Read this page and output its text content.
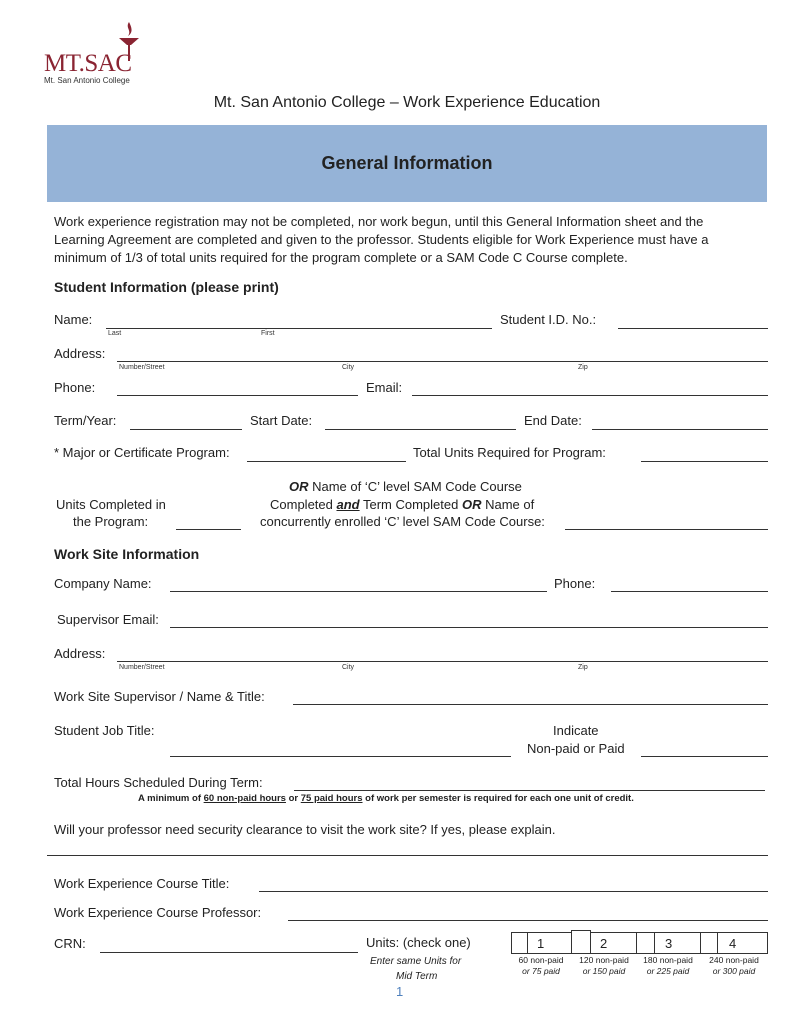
MT.SAC
Mt. San Antonio College
Mt. San Antonio College – Work Experience Education
General Information
Work experience registration may not be completed, nor work begun, until this General Information sheet and the
Learning Agreement are completed and given to the professor. Students eligible for Work Experience must have a
minimum of 1/3 of total units required for the program complete or a SAM Code C Course complete.
Student Information (please print)
Name:
Last	First
Student I.D. No.:
Address:
Number/Street	City	Zip
Phone:	Email:
Term/Year:	Start Date:	End Date:
* Major or Certificate Program:	Total Units Required for Program:
Units Completed in
the Program:
OR Name of ‘C’ level SAM Code Course
Completed and Term Completed OR Name of
concurrently enrolled ‘C’ level SAM Code Course:
Work Site Information
Company Name:	Phone:
Supervisor Email:
Address:
Number/Street	City	Zip
Work Site Supervisor / Name & Title:
Student Job Title:	Indicate
Non-paid or Paid
Total Hours Scheduled During Term:
A minimum of 60 non-paid hours or 75 paid hours of work per semester is required for each one unit of credit.
Will your professor need security clearance to visit the work site? If yes, please explain.
Work Experience Course Title:
Work Experience Course Professor:
CRN:	Units: (check one)
Enter same Units for
Mid Term
1	2	3	4
60 non-paid
or 75 paid
120 non-paid
or 150 paid
180 non-paid
or 225 paid
240 non-paid
or 300 paid
1
